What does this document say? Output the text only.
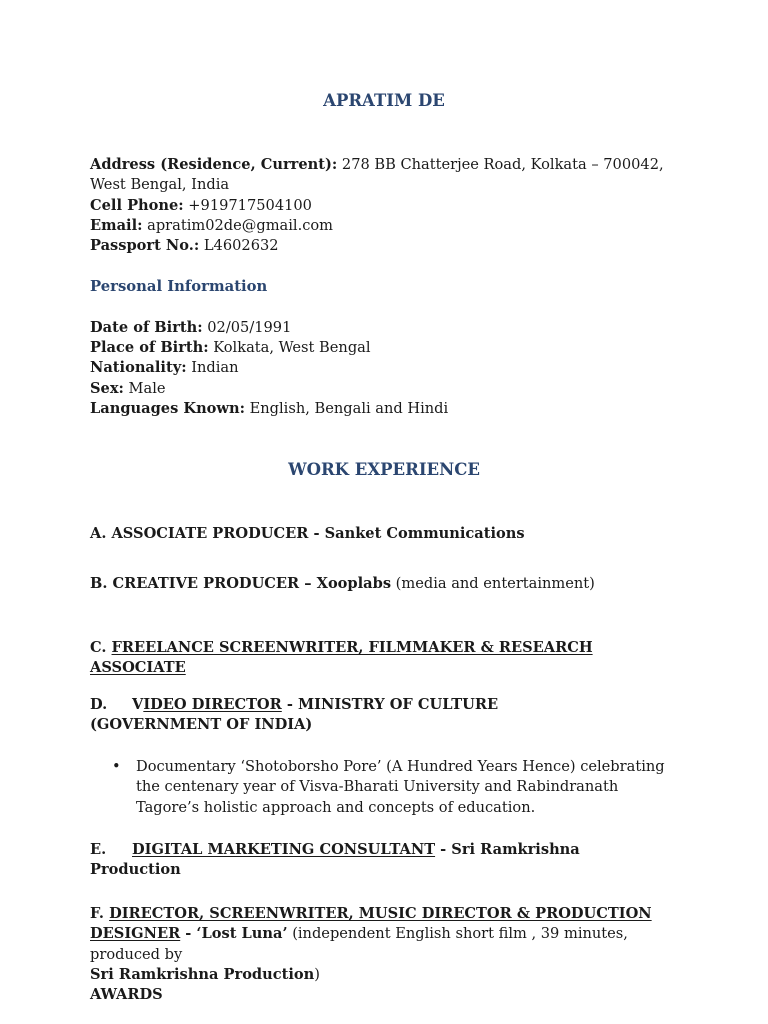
APRATIM DE
Address (Residence, Current): 278 BB Chatterjee Road, Kolkata – 700042, West Bengal, India
Cell Phone: +919717504100
Email: apratim02de@gmail.com
Passport No.: L4602632
Personal Information
Date of Birth: 02/05/1991
Place of Birth: Kolkata, West Bengal
Nationality: Indian
Sex: Male
Languages Known: English, Bengali and Hindi
WORK EXPERIENCE
A. ASSOCIATE PRODUCER - Sanket Communications
B. CREATIVE PRODUCER – Xooplabs (media and entertainment)
C. FREELANCE SCREENWRITER, FILMMAKER & RESEARCH ASSOCIATE
D. VIDEO DIRECTOR - MINISTRY OF CULTURE
(GOVERNMENT OF INDIA)
• Documentary ‘Shotoborsho Pore’ (A Hundred Years Hence) celebrating the centenary year of Visva-Bharati University and Rabindranath Tagore’s holistic approach and concepts of education.
E. DIGITAL MARKETING CONSULTANT - Sri Ramkrishna
Production
F. DIRECTOR, SCREENWRITER, MUSIC DIRECTOR & PRODUCTION
DESIGNER - ‘Lost Luna’ (independent English short film , 39 minutes, produced by
Sri Ramkrishna Production)
AWARDS
